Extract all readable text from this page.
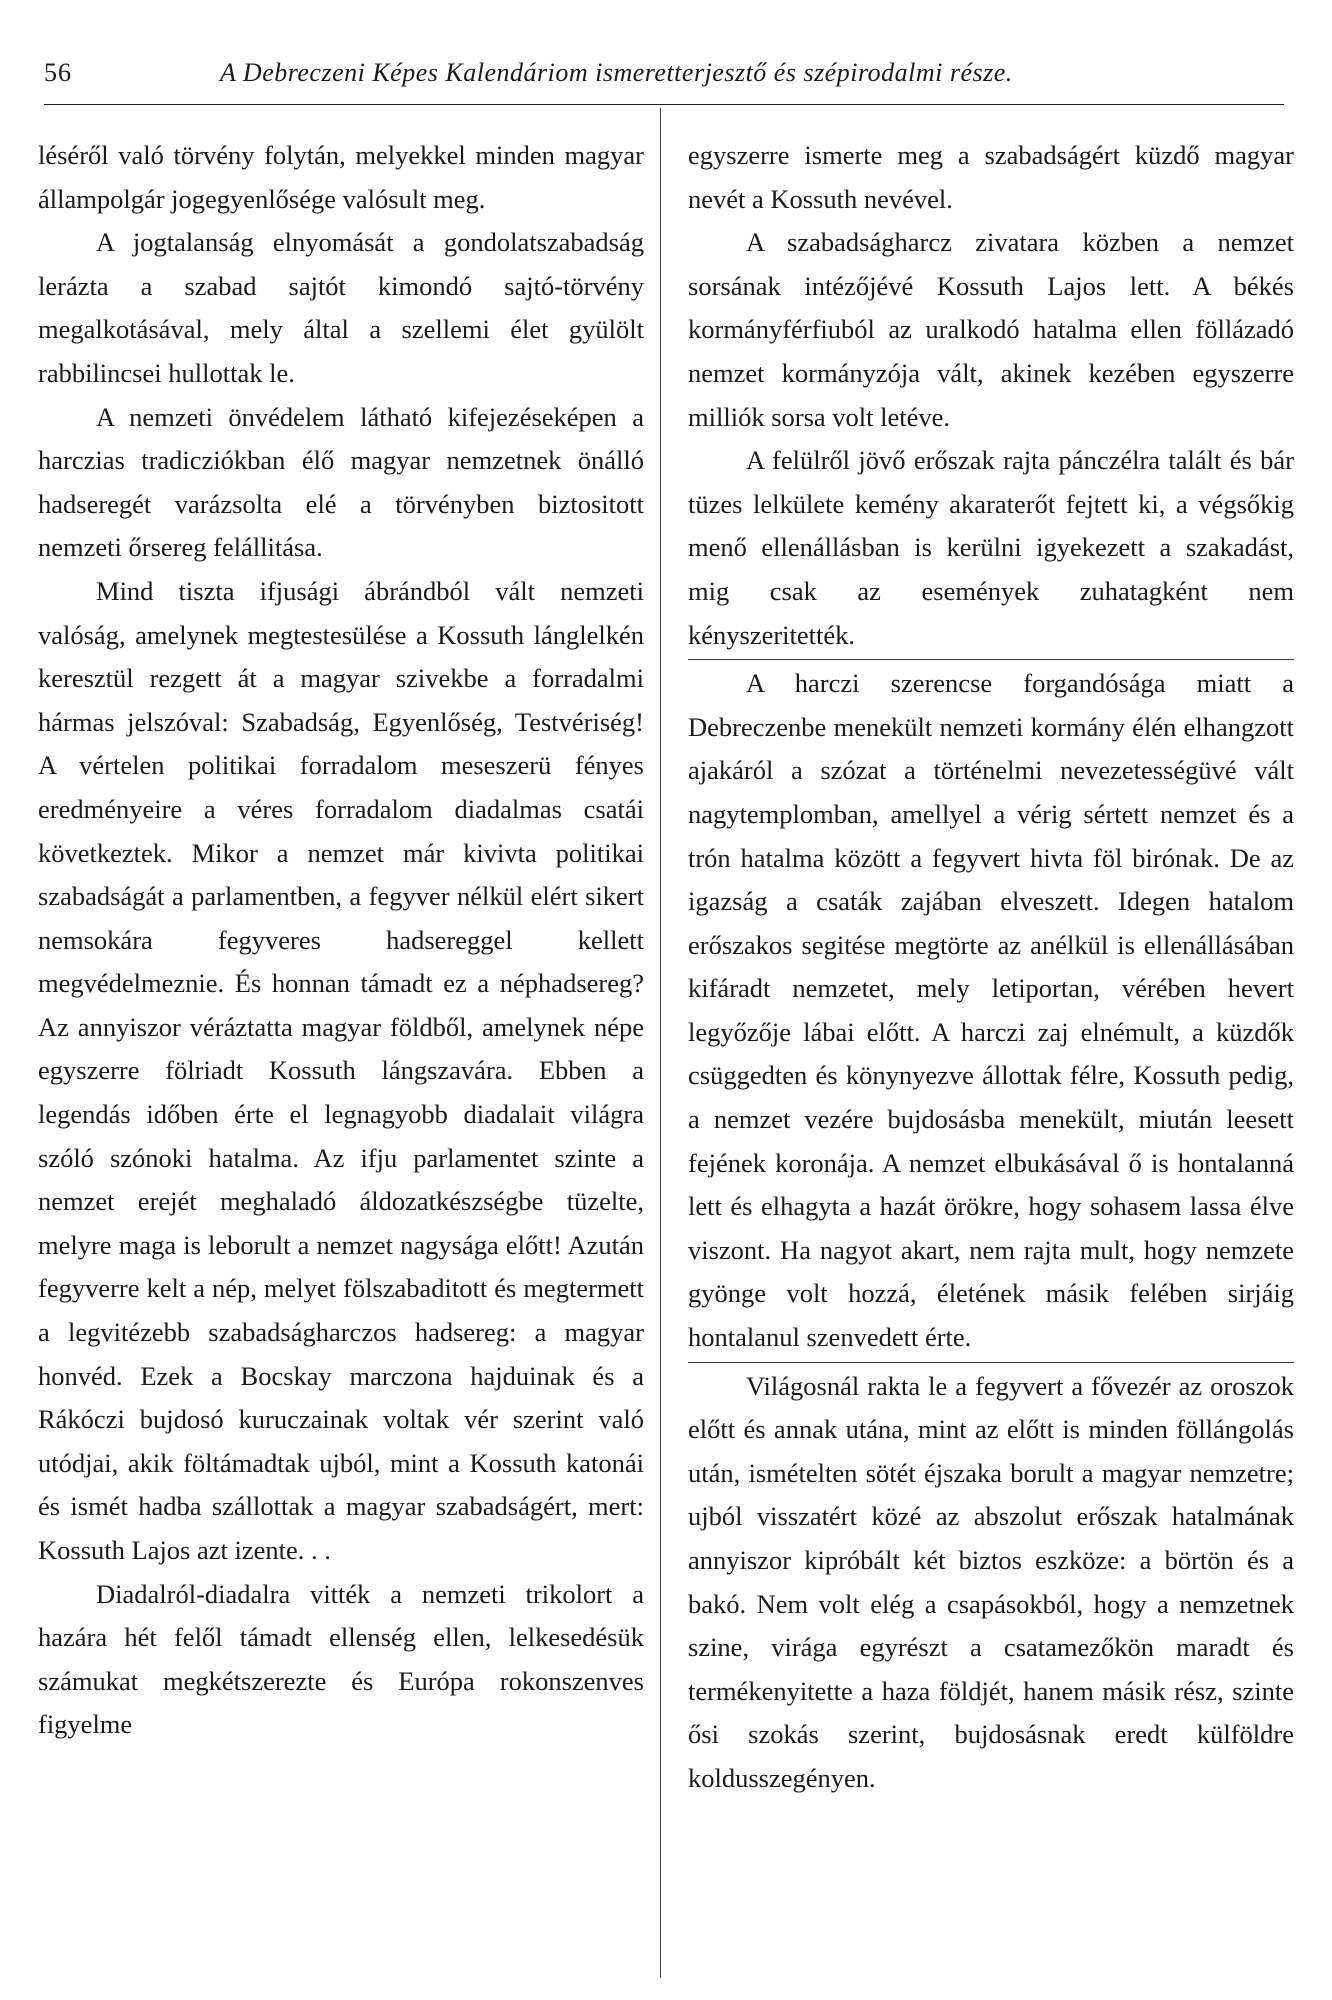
56	A Debreczeni Képes Kalendáriom ismeretterjesztő és szépirodalmi része.

léséről való törvény folytán, melyekkel minden magyar állampolgár jogegyenlősége valósult meg.

A jogtalanság elnyomását a gondolatszabadság lerázta a szabad sajtót kimondó sajtó-törvény megalkotásával, mely által a szellemi élet gyülölt rabbilincsei hullottak le.

A nemzeti önvédelem látható kifejezéseképen a harczias tradicziókban élő magyar nemzetnek önálló hadseregét varázsolta elé a törvényben biztositott nemzeti őrsereg felállitása.

Mind tiszta ifjusági ábrándból vált nemzeti valóság, amelynek megtestesülése a Kossuth lánglelkén keresztül rezgett át a magyar szivekbe a forradalmi hármas jelszóval: Szabadság, Egyenlőség, Testvériség! A vértelen politikai forradalom meseszerü fényes eredményeire a véres forradalom diadalmas csatái következtek. Mikor a nemzet már kivivta politikai szabadságát a parlamentben, a fegyver nélkül elért sikert nemsokára fegyveres hadsereggel kellett megvédelmeznie. És honnan támadt ez a néphadsereg? Az annyiszor véráztatta magyar földből, amelynek népe egyszerre fölriadt Kossuth lángszavára. Ebben a legendás időben érte el legnagyobb diadalait világra szóló szónoki hatalma. Az ifju parlamentet szinte a nemzet erejét meghaladó áldozatkészségbe tüzelte, melyre maga is leborult a nemzet nagysága előtt! Azután fegyverre kelt a nép, melyet fölszabaditott és megtermett a legvitézebb szabadságharczos hadsereg: a magyar honvéd. Ezek a Bocskay marczona hajduinak és a Rákóczi bujdosó kuruczainak voltak vér szerint való utódjai, akik föltámadtak ujból, mint a Kossuth katonái és ismét hadba szállottak a magyar szabadságért, mert: Kossuth Lajos azt izente. . .

Diadalról-diadalra vitték a nemzeti trikolort a hazára hét felől támadt ellenség ellen, lelkesedésük számukat megkétszerezte és Európa rokonszenves figyelme

egyszerre ismerte meg a szabadságért küzdő magyar nevét a Kossuth nevével.

A szabadságharcz zivatara közben a nemzet sorsának intézőjévé Kossuth Lajos lett. A békés kormányférfiuból az uralkodó hatalma ellen föllázadó nemzet kormányzója vált, akinek kezében egyszerre milliók sorsa volt letéve.

A felülről jövő erőszak rajta pánczélra talált és bár tüzes lelkülete kemény akaraterőt fejtett ki, a végsőkig menő ellenállásban is kerülni igyekezett a szakadást, mig csak az események zuhatagként nem kényszeritették.

A harczi szerencse forgandósága miatt a Debreczenbe menekült nemzeti kormány élén elhangzott ajakáról a szózat a történelmi nevezetességüvé vált nagytemplomban, amellyel a vérig sértett nemzet és a trón hatalma között a fegyvert hivta föl birónak. De az igazság a csaták zajában elveszett. Idegen hatalom erőszakos segitése megtörte az anélkül is ellenállásában kifáradt nemzetet, mely letiportan, vérében hevert legyőzője lábai előtt. A harczi zaj elnémult, a küzdők csüggedten és könynyezve állottak félre, Kossuth pedig, a nemzet vezére bujdosásba menekült, miután leesett fejének koronája. A nemzet elbukásával ő is hontalanná lett és elhagyta a hazát örökre, hogy sohasem lassa élve viszont. Ha nagyot akart, nem rajta mult, hogy nemzete gyönge volt hozzá, életének másik felében sirjáig hontalanul szenvedett érte.

Világosnál rakta le a fegyvert a fővezér az oroszok előtt és annak utána, mint az előtt is minden föllángolás után, ismételten sötét éjszaka borult a magyar nemzetre; ujból visszatért közé az abszolut erőszak hatalmának annyiszor kipróbált két biztos eszköze: a börtön és a bakó. Nem volt elég a csapásokból, hogy a nemzetnek szine, virága egyrészt a csatamezőkön maradt és termékenyitette a haza földjét, hanem másik rész, szinte ősi szokás szerint, bujdosásnak eredt külföldre koldusszegényen.
